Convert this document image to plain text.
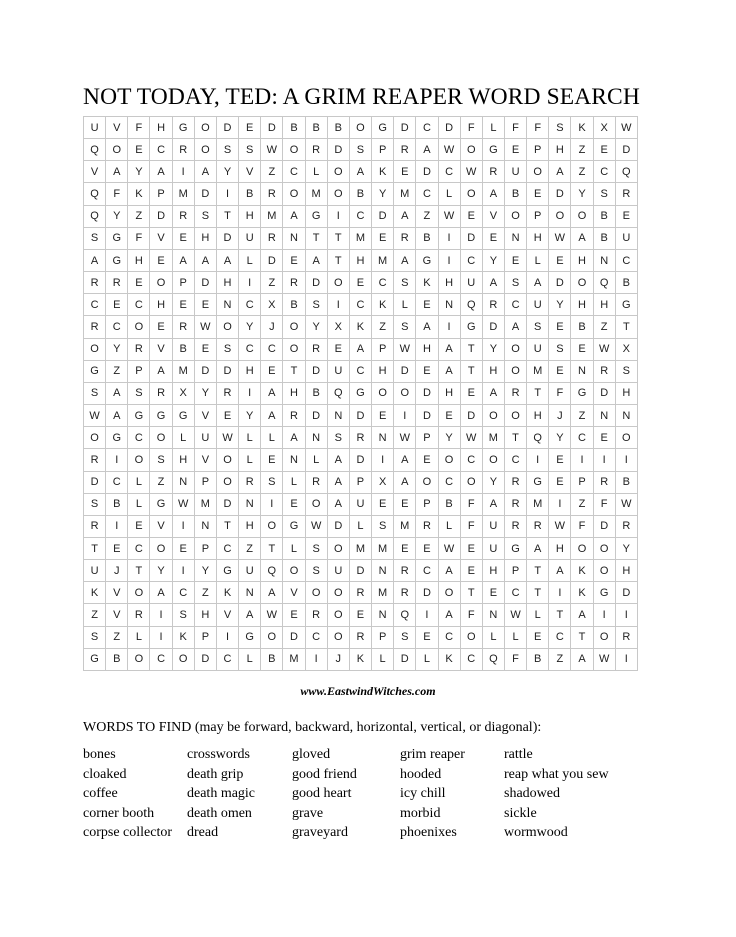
NOT TODAY, TED: A GRIM REAPER WORD SEARCH
U	V	F	H	G	O	D	E	D	B	B	B	O	G	D	C	D	F	L	F	F	S	K	X	W
Q	O	E	C	R	O	S	S	W	O	R	D	S	P	R	A	W	O	G	E	P	H	Z	E	D
V	A	Y	A	I	A	Y	V	Z	C	L	O	A	K	E	D	C	W	R	U	O	A	Z	C	Q
Q	F	K	P	M	D	I	B	R	O	M	O	B	Y	M	C	L	O	A	B	E	D	Y	S	R
Q	Y	Z	D	R	S	T	H	M	A	G	I	C	D	A	Z	W	E	V	O	P	O	O	B	E
S	G	F	V	E	H	D	U	R	N	T	T	M	E	R	B	I	D	E	N	H	W	A	B	U
A	G	H	E	A	A	A	L	D	E	A	T	H	M	A	G	I	C	Y	E	L	E	H	N	C
R	R	E	O	P	D	H	I	Z	R	D	O	E	C	S	K	H	U	A	S	A	D	O	Q	B
C	E	C	H	E	E	N	C	X	B	S	I	C	K	L	E	N	Q	R	C	U	Y	H	H	G
R	C	O	E	R	W	O	Y	J	O	Y	X	K	Z	S	A	I	G	D	A	S	E	B	Z	T
O	Y	R	V	B	E	S	C	C	O	R	E	A	P	W	H	A	T	Y	O	U	S	E	W	X
G	Z	P	A	M	D	D	H	E	T	D	U	C	H	D	E	A	T	H	O	M	E	N	R	S
S	A	S	R	X	Y	R	I	A	H	B	Q	G	O	O	D	H	E	A	R	T	F	G	D	H
W	A	G	G	G	V	E	Y	A	R	D	N	D	E	I	D	E	D	O	O	H	J	Z	N	N
O	G	C	O	L	U	W	L	L	A	N	S	R	N	W	P	Y	W	M	T	Q	Y	C	E	O
R	I	O	S	H	V	O	L	E	N	L	A	D	I	A	E	O	C	O	C	I	E	I	I	I
D	C	L	Z	N	P	O	R	S	L	R	A	P	X	A	O	C	O	Y	R	G	E	P	R	B
S	B	L	G	W	M	D	N	I	E	O	A	U	E	E	P	B	F	A	R	M	I	Z	F	W
R	I	E	V	I	N	T	H	O	G	W	D	L	S	M	R	L	F	U	R	R	W	F	D	R
T	E	C	O	E	P	C	Z	T	L	S	O	M	M	E	E	W	E	U	G	A	H	O	O	Y
U	J	T	Y	I	Y	G	U	Q	O	S	U	D	N	R	C	A	E	H	P	T	A	K	O	H
K	V	O	A	C	Z	K	N	A	V	O	O	R	M	R	D	O	T	E	C	T	I	K	G	D
Z	V	R	I	S	H	V	A	W	E	R	O	E	N	Q	I	A	F	N	W	L	T	A	I	I
S	Z	L	I	K	P	I	G	O	D	C	O	R	P	S	E	C	O	L	L	E	C	T	O	R
G	B	O	C	O	D	C	L	B	M	I	J	K	L	D	L	K	C	Q	F	B	Z	A	W	I
www.EastwindWitches.com
WORDS TO FIND (may be forward, backward, horizontal, vertical, or diagonal):
bones
cloaked
coffee
corner booth
corpse collector
crosswords
death grip
death magic
death omen
dread
gloved
good friend
good heart
grave
graveyard
grim reaper
hooded
icy chill
morbid
phoenixes
rattle
reap what you sew
shadowed
sickle
wormwood
